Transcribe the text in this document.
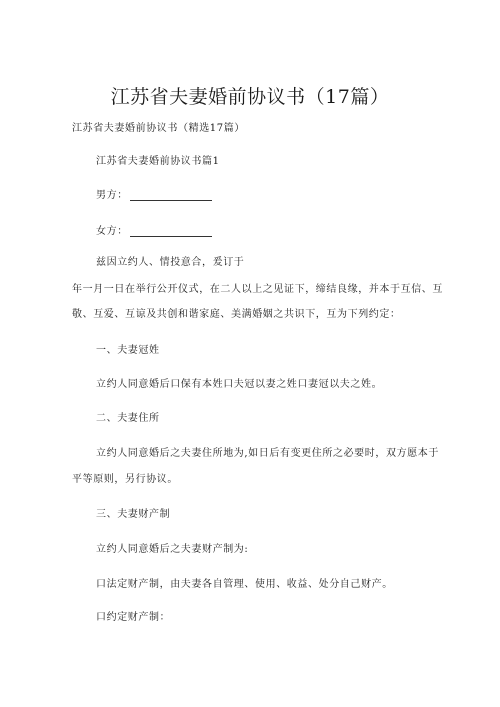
江苏省夫妻婚前协议书（17篇）
江苏省夫妻婚前协议书（精选17篇）
江苏省夫妻婚前协议书篇1
男方：
女方：
兹因立约人、情投意合，爰订于
年一月一日在举行公开仪式，在二人以上之见证下，缔结良缘，并本于互信、互
敬、互爱、互谅及共创和谐家庭、美满婚姻之共识下，互为下列约定：
一、夫妻冠姓
立约人同意婚后口保有本姓口夫冠以妻之姓口妻冠以夫之姓。
二、夫妻住所
立约人同意婚后之夫妻住所地为,如日后有变更住所之必要时，双方愿本于
平等原则，另行协议。
三、夫妻财产制
立约人同意婚后之夫妻财产制为:
口法定财产制，由夫妻各自管理、使用、收益、处分自己财产。
口约定财产制：
